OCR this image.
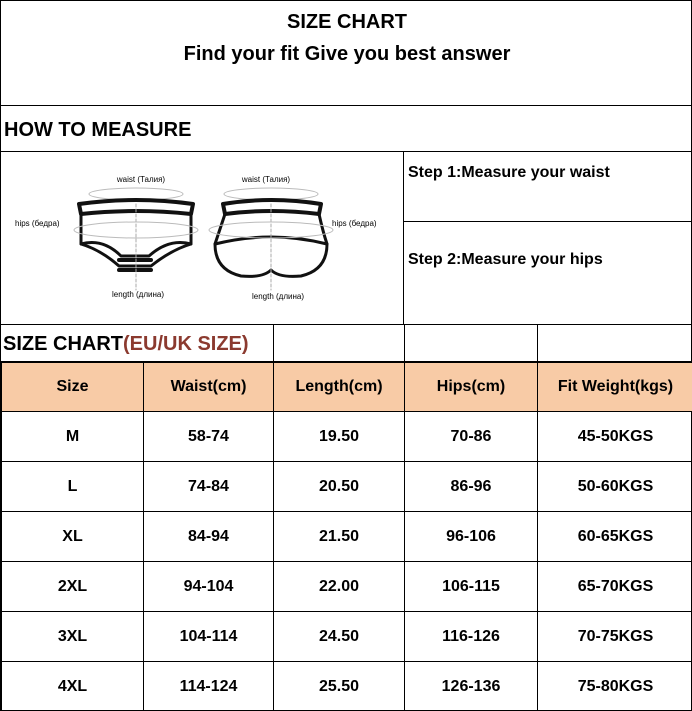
SIZE CHART
Find your fit Give you best answer
HOW TO MEASURE
waist (Талия)	waist (Талия)
hips (бедра)	hips (бедра)
length (длина)	length (длина)
Step 1:Measure your waist
Step 2:Measure your hips
SIZE CHART(EU/UK SIZE)
Size	Waist(cm)	Length(cm)	Hips(cm)	Fit Weight(kgs)
M	58-74	19.50	70-86	45-50KGS
L	74-84	20.50	86-96	50-60KGS
XL	84-94	21.50	96-106	60-65KGS
2XL	94-104	22.00	106-115	65-70KGS
3XL	104-114	24.50	116-126	70-75KGS
4XL	114-124	25.50	126-136	75-80KGS
